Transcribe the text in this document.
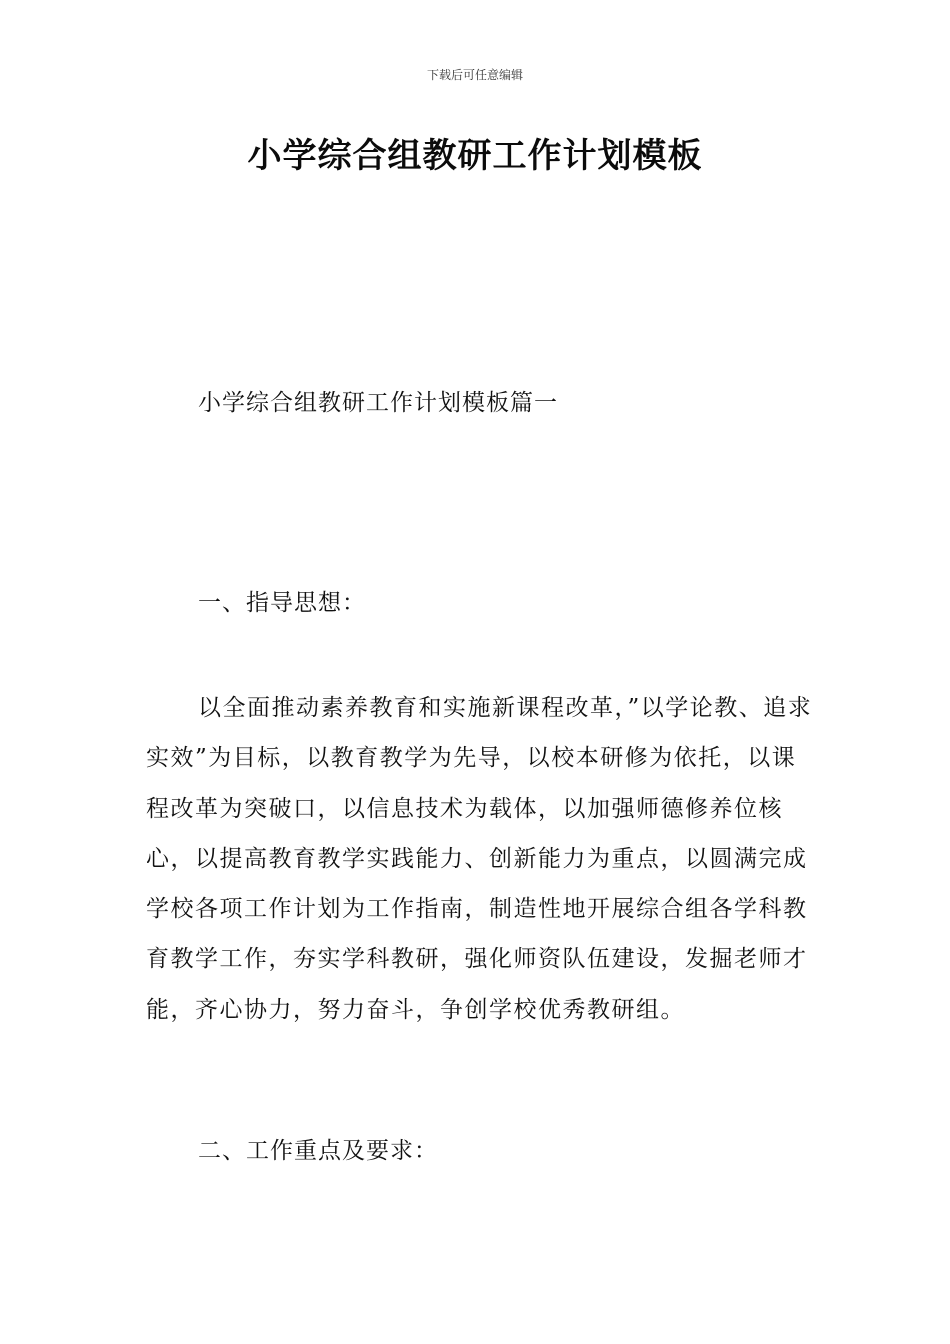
下载后可任意编辑
小学综合组教研工作计划模板
小学综合组教研工作计划模板篇一
一、指导思想：

以全面推动素养教育和实施新课程改革，”以学论教、追求实效”为目标，以教育教学为先导，以校本研修为依托，以课程改革为突破口，以信息技术为载体，以加强师德修养位核心，以提高教育教学实践能力、创新能力为重点，以圆满完成学校各项工作计划为工作指南，制造性地开展综合组各学科教育教学工作，夯实学科教研，强化师资队伍建设，发掘老师才能，齐心协力，努力奋斗，争创学校优秀教研组。

二、工作重点及要求：
